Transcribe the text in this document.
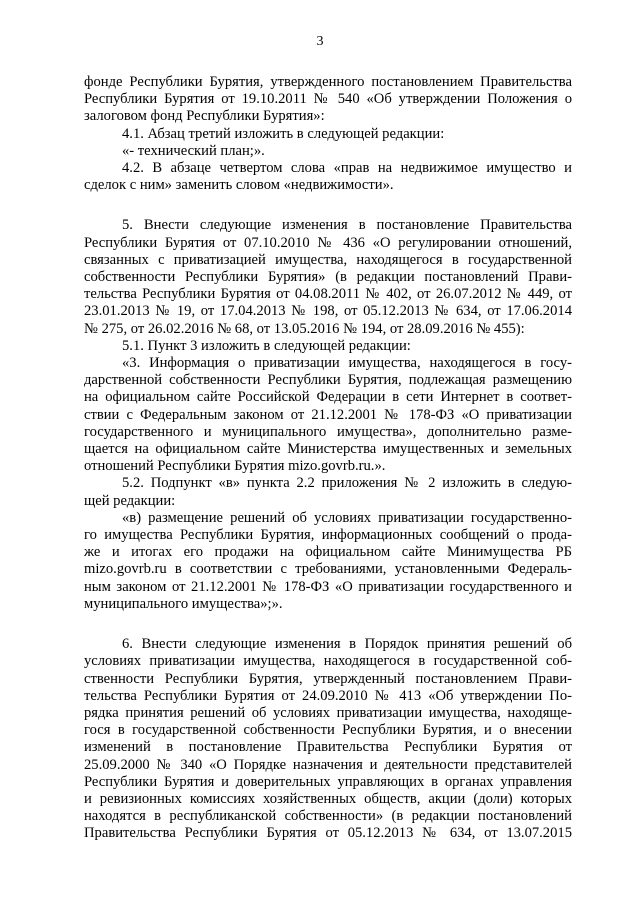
3

фонде Республики Бурятия, утвержденного постановлением Правительства

Республики Бурятия от 19.10.2011 № 540 «Об утверждении Положения о

залоговом фонд Республики Бурятия»:

4.1. Абзац третий изложить в следующей редакции:

«- технический план;».

4.2. В абзаце четвертом слова «прав на недвижимое имущество и

сделок с ним» заменить словом «недвижимости».

5. Внести следующие изменения в постановление Правительства

Республики Бурятия от 07.10.2010 № 436 «О регулировании отношений,

связанных с приватизацией имущества, находящегося в государственной

собственности Республики Бурятия» (в редакции постановлений Прави-

тельства Республики Бурятия от 04.08.2011 № 402, от 26.07.2012 № 449, от

23.01.2013 № 19, от 17.04.2013 № 198, от 05.12.2013 № 634, от 17.06.2014

№ 275, от 26.02.2016 № 68, от 13.05.2016 № 194, от 28.09.2016 № 455):

5.1. Пункт 3 изложить в следующей редакции:

«3. Информация о приватизации имущества, находящегося в госу-

дарственной собственности Республики Бурятия, подлежащая размещению

на официальном сайте Российской Федерации в сети Интернет в соответ-

ствии с Федеральным законом от 21.12.2001 № 178-ФЗ «О приватизации

государственного и муниципального имущества», дополнительно разме-

щается на официальном сайте Министерства имущественных и земельных

отношений Республики Бурятия mizo.govrb.ru.».

5.2. Подпункт «в» пункта 2.2 приложения № 2 изложить в следую-

щей редакции:

«в) размещение решений об условиях приватизации государственно-

го имущества Республики Бурятия, информационных сообщений о прода-

же и итогах его продажи на официальном сайте Минимущества РБ

mizo.govrb.ru в соответствии с требованиями, установленными Федераль-

ным законом от 21.12.2001 № 178-ФЗ «О приватизации государственного и

муниципального имущества»;».

6. Внести следующие изменения в Порядок принятия решений об

условиях приватизации имущества, находящегося в государственной соб-

ственности Республики Бурятия, утвержденный постановлением Прави-

тельства Республики Бурятия от 24.09.2010 № 413 «Об утверждении По-

рядка принятия решений об условиях приватизации имущества, находяще-

гося в государственной собственности Республики Бурятия, и о внесении

изменений в постановление Правительства Республики Бурятия от

25.09.2000 № 340 «О Порядке назначения и деятельности представителей

Республики Бурятия и доверительных управляющих в органах управления

и ревизионных комиссиях хозяйственных обществ, акции (доли) которых

находятся в республиканской собственности» (в редакции постановлений

Правительства Республики Бурятия от 05.12.2013 № 634, от 13.07.2015
